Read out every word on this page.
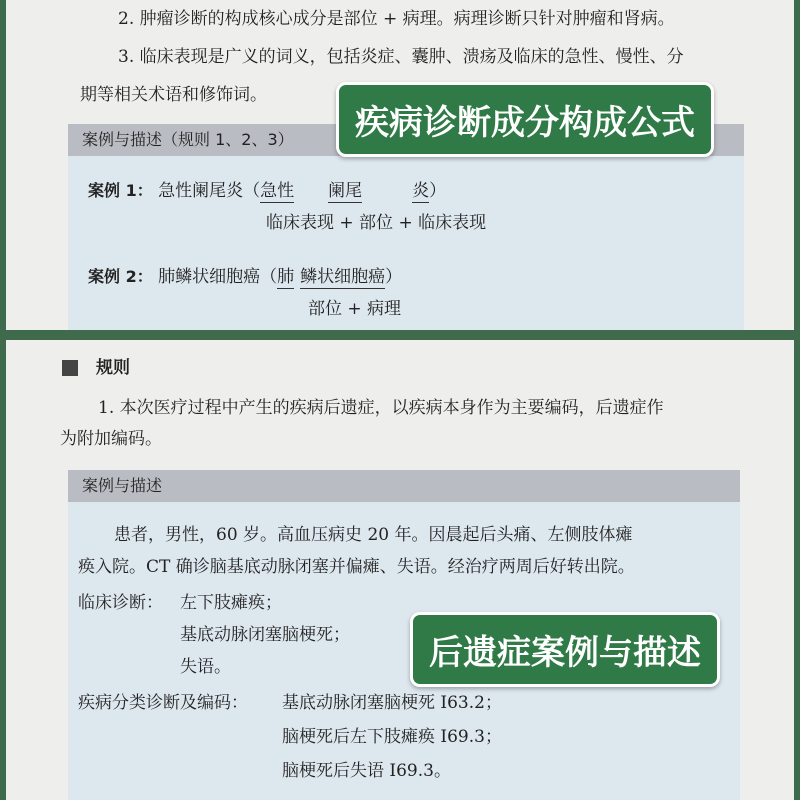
2. 肿瘤诊断的构成核心成分是部位 + 病理。病理诊断只针对肿瘤和肾病。
3. 临床表现是广义的词义，包括炎症、囊肿、溃疡及临床的急性、慢性、分
期等相关术语和修饰词。
案例与描述（规则 1、2、3）
案例 1： 急性阑尾炎（急性 阑尾	炎）
临床表现 + 部位 + 临床表现
案例 2： 肺鳞状细胞癌（肺 鳞状细胞癌）
部位 + 病理
疾病诊断成分构成公式
规则
1. 本次医疗过程中产生的疾病后遗症，以疾病本身作为主要编码，后遗症作
为附加编码。
案例与描述
患者，男性，60 岁。高血压病史 20 年。因晨起后头痛、左侧肢体瘫
痪入院。CT 确诊脑基底动脉闭塞并偏瘫、失语。经治疗两周后好转出院。
临床诊断： 左下肢瘫痪；
基底动脉闭塞脑梗死；
失语。
疾病分类诊断及编码： 基底动脉闭塞脑梗死 I63.2；
脑梗死后左下肢瘫痪 I69.3；
脑梗死后失语 I69.3。
后遗症案例与描述
